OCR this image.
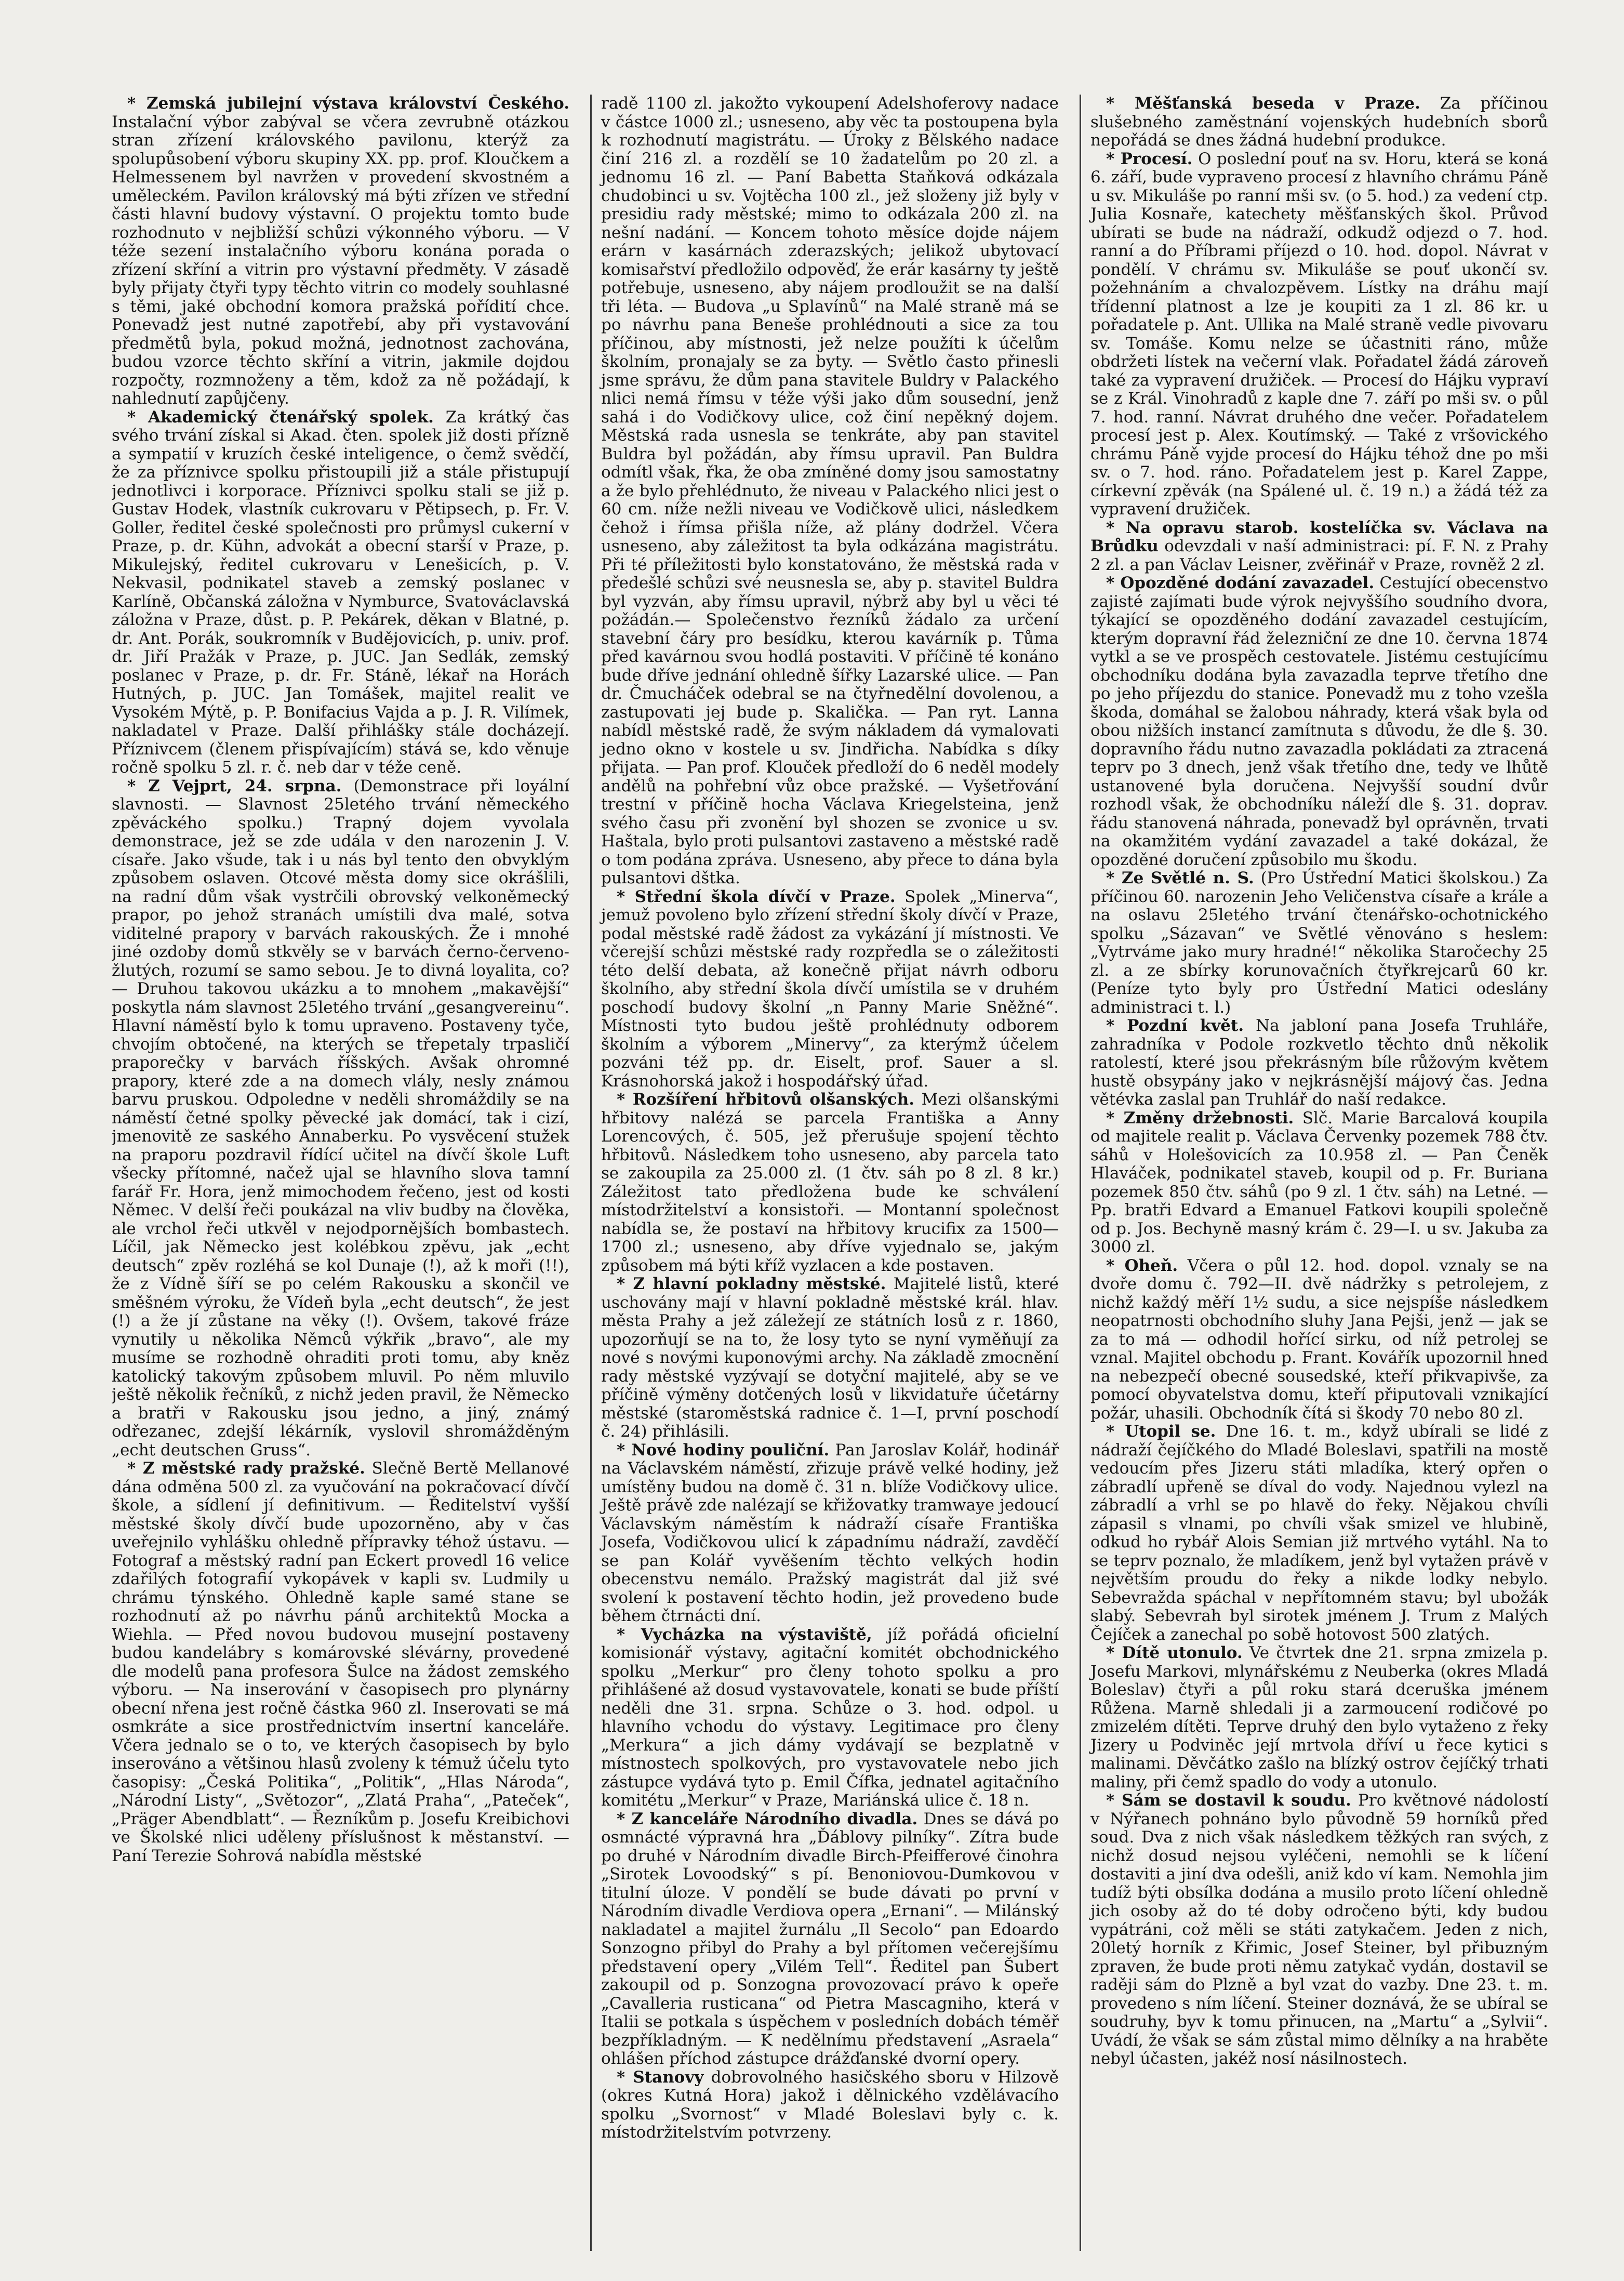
* Zemská jubilejní výstava království Českého. Instalační výbor zabýval se včera zevrubně otázkou stran zřízení královského pavilonu, kterýž za spolupůsobení výboru skupiny XX. pp. prof. Kloučkem a Helmessenem byl navržen v provedení skvostném a uměleckém. Pavilon královský má býti zřízen ve střední části hlavní budovy výstavní. O projektu tomto bude rozhodnuto v nejbližší schůzi výkonného výboru. — V téže sezení instalačního výboru konána porada o zřízení skříní a vitrin pro výstavní předměty. V zásadě byly přijaty čtyři typy těchto vitrin co modely souhlasné s těmi, jaké obchodní komora pražská pořídití chce. Ponevadž jest nutné zapotřebí, aby při vystavování předmětů byla, pokud možná, jednotnost zachována, budou vzorce těchto skříní a vitrin, jakmile dojdou rozpočty, rozmnoženy a těm, kdož za ně požádají, k nahlednutí zapůjčeny.

* Akademický čtenářský spolek. Za krátký čas svého trvání získal si Akad. čten. spolek již dosti přízně a sympatií v kruzích české inteligence, o čemž svědčí, že za příznivce spolku přistoupili již a stále přistupují jednotlivci i korporace. Příznivci spolku stali se již p. Gustav Hodek, vlastník cukrovaru v Pětipsech, p. Fr. V. Goller, ředitel české společnosti pro průmysl cukerní v Praze, p. dr. Kühn, advokát a obecní starší v Praze, p. Mikulejský, ředitel cukrovaru v Lenešicích, p. V. Nekvasil, podnikatel staveb a zemský poslanec v Karlíně, Občanská záložna v Nymburce, Svatováclavská záložna v Praze, důst. p. P. Pekárek, děkan v Blatné, p. dr. Ant. Porák, soukromník v Budějovicích, p. univ. prof. dr. Jiří Pražák v Praze, p. JUC. Jan Sedlák, zemský poslanec v Praze, p. dr. Fr. Stáně, lékař na Horách Hutných, p. JUC. Jan Tomášek, majitel realit ve Vysokém Mýtě, p. P. Bonifacius Vajda a p. J. R. Vilímek, nakladatel v Praze. Další přihlášky stále docházejí. Příznivcem (členem přispívajícím) stává se, kdo věnuje ročně spolku 5 zl. r. č. neb dar v téže ceně.

* Z Vejprt, 24. srpna. (Demonstrace při loyální slavnosti. — Slavnost 25letého trvání německého zpěváckého spolku.) Trapný dojem vyvolala demonstrace, jež se zde udála v den narozenin J. V. císaře. Jako všude, tak i u nás byl tento den obvyklým způsobem oslaven. Otcové města domy sice okrášlili, na radní dům však vystrčili obrovský velkoněmecký prapor, po jehož stranách umístili dva malé, sotva viditelné prapory v barvách rakouských. Že i mnohé jiné ozdoby domů stkvěly se v barvách černo-červeno-žlutých, rozumí se samo sebou. Je to divná loyalita, co? — Druhou takovou ukázku a to mnohem „makavější“ poskytla nám slavnost 25letého trvání „gesangvereinu“. Hlavní náměstí bylo k tomu upraveno. Postaveny tyče, chvojím obtočené, na kterých se třepetaly trpasličí praporečky v barvách říšských. Avšak ohromné prapory, které zde a na domech vlály, nesly známou barvu pruskou. Odpoledne v neděli shromáždily se na náměstí četné spolky pěvecké jak domácí, tak i cizí, jmenovitě ze saského Annaberku. Po vysvěcení stužek na praporu pozdravil řídící učitel na dívčí škole Luft všecky přítomné, načež ujal se hlavního slova tamní farář Fr. Hora, jenž mimochodem řečeno, jest od kosti Němec. V delší řeči poukázal na vliv budby na člověka, ale vrchol řeči utkvěl v nejodpornějších bombastech. Líčil, jak Německo jest kolébkou zpěvu, jak „echt deutsch“ zpěv rozléhá se kol Dunaje (!), až k moři (!!), že z Vídně šíří se po celém Rakousku a skončil ve směšném výroku, že Vídeň byla „echt deutsch“, že jest (!) a že jí zůstane na věky (!). Ovšem, takové fráze vynutily u několika Němců výkřik „bravo“, ale my musíme se rozhodně ohraditi proti tomu, aby kněz katolický takovým způsobem mluvil. Po něm mluvilo ještě několik řečníků, z nichž jeden pravil, že Německo a bratři v Rakousku jsou jedno, a jiný, známý odřezanec, zdejší lékárník, vyslovil shromážděným „echt deutschen Gruss“.

* Z městské rady pražské. Slečně Bertě Mellanové dána odměna 500 zl. za vyučování na pokračovací dívčí škole, a sídlení jí definitivum. — Ředitelství vyšší městské školy dívčí bude upozorněno, aby v čas uveřejnilo vyhlášku ohledně přípravky téhož ústavu. — Fotograf a městský radní pan Eckert provedl 16 velice zdařilých fotografií vykopávek v kapli sv. Ludmily u chrámu týnského. Ohledně kaple samé stane se rozhodnutí až po návrhu pánů architektů Mocka a Wiehla. — Před novou budovou musejní postaveny budou kandelábry s komárovské slévárny, provedené dle modelů pana profesora Šulce na žádost zemského výboru. — Na inserování v časopisech pro plynárny obecní nřena jest ročně částka 960 zl. Inserovati se má osmkráte a sice prostřednictvím insertní kanceláře. Včera jednalo se o to, ve kterých časopisech by bylo inserováno a většinou hlasů zvoleny k témuž účelu tyto časopisy: „Česká Politika“, „Politik“, „Hlas Národa“, „Národní Listy“, „Světozor“, „Zlatá Praha“, „Pateček“, „Präger Abendblatt“. — Řezníkům p. Josefu Kreibichovi ve Školské nlici uděleny příslušnost k městanství. — Paní Terezie Sohrová nabídla městské

radě 1100 zl. jakožto vykoupení Adelshoferovy nadace v částce 1000 zl.; usneseno, aby věc ta postoupena byla k rozhodnutí magistrátu. — Úroky z Bělského nadace činí 216 zl. a rozdělí se 10 žadatelům po 20 zl. a jednomu 16 zl. — Paní Babetta Staňková odkázala chudobinci u sv. Vojtěcha 100 zl., jež složeny již byly v presidiu rady městské; mimo to odkázala 200 zl. na nešní nadání. — Koncem tohoto měsíce dojde nájem erárn v kasárnách zderazských; jelikož ubytovací komisařství předložilo odpověď, že erár kasárny ty ještě potřebuje, usneseno, aby nájem prodloužit se na další tři léta. — Budova „u Splavínů“ na Malé straně má se po návrhu pana Beneše prohlédnouti a sice za tou příčinou, aby místnosti, jež nelze použíti k účelům školním, pronajaly se za byty. — Světlo často přinesli jsme správu, že dům pana stavitele Buldry v Palackého nlici nemá římsu v téže výši jako dům sousední, jenž sahá i do Vodičkovy ulice, což činí nepěkný dojem. Městská rada usnesla se tenkráte, aby pan stavitel Buldra byl požádán, aby římsu upravil. Pan Buldra odmítl však, řka, že oba zmíněné domy jsou samostatny a že bylo přehlédnuto, že niveau v Palackého nlici jest o 60 cm. níže nežli niveau ve Vodičkově ulici, následkem čehož i římsa přišla níže, až plány dodržel. Včera usneseno, aby záležitost ta byla odkázána magistrátu. Při té příležitosti bylo konstatováno, že městská rada v předešlé schůzi své neusnesla se, aby p. stavitel Buldra byl vyzván, aby římsu upravil, nýbrž aby byl u věci té požádán.— Společenstvo řezníků žádalo za určení stavební čáry pro besídku, kterou kavárník p. Tůma před kavárnou svou hodlá postaviti. V příčině té konáno bude dříve jednání ohledně šířky Lazarské ulice. — Pan dr. Čmucháček odebral se na čtyřnedělní dovolenou, a zastupovati jej bude p. Skalička. — Pan ryt. Lanna nabídl městské radě, že svým nákladem dá vymalovati jedno okno v kostele u sv. Jindřicha. Nabídka s díky přijata. — Pan prof. Klouček předloží do 6 neděl modely andělů na pohřební vůz obce pražské. — Vyšetřování trestní v příčině hocha Václava Kriegelsteina, jenž svého času při zvonění byl shozen se zvonice u sv. Haštala, bylo proti pulsantovi zastaveno a městské radě o tom podána zpráva. Usneseno, aby přece to dána byla pulsantovi dštka.

* Střední škola dívčí v Praze. Spolek „Minerva“, jemuž povoleno bylo zřízení střední školy dívčí v Praze, podal městské radě žádost za vykázání jí místnosti. Ve včerejší schůzi městské rady rozpředla se o záležitosti této delší debata, až konečně přijat návrh odboru školního, aby střední škola dívčí umístila se v druhém poschodí budovy školní „n Panny Marie Sněžné“. Místnosti tyto budou ještě prohlédnuty odborem školním a výborem „Minervy“, za kterýmž účelem pozváni též pp. dr. Eiselt, prof. Sauer a sl. Krásnohorská jakož i hospodářský úřad.

* Rozšíření hřbitovů olšanských. Mezi olšanskými hřbitovy nalézá se parcela Františka a Anny Lorencových, č. 505, jež přerušuje spojení těchto hřbitovů. Následkem toho usneseno, aby parcela tato se zakoupila za 25.000 zl. (1 čtv. sáh po 8 zl. 8 kr.) Záležitost tato předložena bude ke schválení místodržitelství a konsistoři. — Montanní společnost nabídla se, že postaví na hřbitovy krucifix za 1500—1700 zl.; usneseno, aby dříve vyjednalo se, jakým způsobem má býti kříž vyzlacen a kde postaven.

* Z hlavní pokladny městské. Majitelé listů, které uschovány mají v hlavní pokladně městské král. hlav. města Prahy a jež záležejí ze státních losů z r. 1860, upozorňují se na to, že losy tyto se nyní vyměňují za nové s novými kuponovými archy. Na základě zmocnění rady městské vyzývají se dotyční majitelé, aby se ve příčině výměny dotčených losů v likvidatuře účetárny městské (staroměstská radnice č. 1—I, první poschodí č. 24) přihlásili.

* Nové hodiny pouliční. Pan Jaroslav Kolář, hodinář na Václavském náměstí, zřizuje právě velké hodiny, jež umístěny budou na domě č. 31 n. blíže Vodičkovy ulice. Ještě právě zde nalézají se křižovatky tramwaye jedoucí Václavským náměstím k nádraží císaře Františka Josefa, Vodičkovou ulicí k západnímu nádraží, zavděčí se pan Kolář vyvěšením těchto velkých hodin obecenstvu nemálo. Pražský magistrát dal již své svolení k postavení těchto hodin, jež provedeno bude během čtrnácti dní.

* Vycházka na výstaviště, jíž pořádá oficielní komisionář výstavy, agitační komitét obchodnického spolku „Merkur“ pro členy tohoto spolku a pro přihlášené až dosud vystavovatele, konati se bude příští neděli dne 31. srpna. Schůze o 3. hod. odpol. u hlavního vchodu do výstavy. Legitimace pro členy „Merkura“ a jich dámy vydávají se bezplatně v místnostech spolkových, pro vystavovatele nebo jich zástupce vydává tyto p. Emil Čífka, jednatel agitačního komitétu „Merkur“ v Praze, Mariánská ulice č. 18 n.

* Z kanceláře Národního divadla. Dnes se dává po osmnácté výpravná hra „Ďáblovy pilníky“. Zítra bude po druhé v Národním divadle Birch-Pfeifferové činohra „Sirotek Lovoodský“ s pí. Benoniovou-Dumkovou v titulní úloze. V pondělí se bude dávati po první v Národním divadle Verdiova opera „Ernani“. — Milánský nakladatel a majitel žurnálu „Il Secolo“ pan Edoardo Sonzogno přibyl do Prahy a byl přítomen večerejšímu představení opery „Vilém Tell“. Ředitel pan Šubert zakoupil od p. Sonzogna provozovací právo k opeře „Cavalleria rusticana“ od Pietra Mascagniho, která v Italii se potkala s úspěchem v posledních dobách téměř bezpříkladným. — K nedělnímu představení „Asraela“ ohlášen příchod zástupce drážďanské dvorní opery.

* Stanovy dobrovolného hasičského sboru v Hilzově (okres Kutná Hora) jakož i dělnického vzdělávacího spolku „Svornost“ v Mladé Boleslavi byly c. k. místodržitelstvím potvrzeny.

* Měšťanská beseda v Praze. Za příčinou slušebného zaměstnání vojenských hudebních sborů nepořádá se dnes žádná hudební produkce.

* Procesí. O poslední pouť na sv. Horu, která se koná 6. září, bude vypraveno procesí z hlavního chrámu Páně u sv. Mikuláše po ranní mši sv. (o 5. hod.) za vedení ctp. Julia Kosnaře, katechety měšťanských škol. Průvod ubírati se bude na nádraží, odkudž odjezd o 7. hod. ranní a do Příbrami příjezd o 10. hod. dopol. Návrat v pondělí. V chrámu sv. Mikuláše se pouť ukončí sv. požehnáním a chvalozpěvem. Lístky na dráhu mají třídenní platnost a lze je koupiti za 1 zl. 86 kr. u pořadatele p. Ant. Ullika na Malé straně vedle pivovaru sv. Tomáše. Komu nelze se účastniti ráno, může obdržeti lístek na večerní vlak. Pořadatel žádá zároveň také za vypravení družiček. — Procesí do Hájku vypraví se z Král. Vinohradů z kaple dne 7. září po mši sv. o půl 7. hod. ranní. Návrat druhého dne večer. Pořadatelem procesí jest p. Alex. Koutímský. — Také z vršovického chrámu Páně vyjde procesí do Hájku téhož dne po mši sv. o 7. hod. ráno. Pořadatelem jest p. Karel Zappe, církevní zpěvák (na Spálené ul. č. 19 n.) a žádá též za vypravení družiček.

* Na opravu starob. kostelíčka sv. Václava na Brůdku odevzdali v naší administraci: pí. F. N. z Prahy 2 zl. a pan Václav Leisner, zvěřinář v Praze, rovněž 2 zl.

* Opozděné dodání zavazadel. Cestující obecenstvo zajisté zajímati bude výrok nejvyššího soudního dvora, týkající se opozděného dodání zavazadel cestujícím, kterým dopravní řád železniční ze dne 10. června 1874 vytkl a se ve prospěch cestovatele. Jistému cestujícímu obchodníku dodána byla zavazadla teprve třetího dne po jeho příjezdu do stanice. Ponevadž mu z toho vzešla škoda, domáhal se žalobou náhrady, která však byla od obou nižších instancí zamítnuta s důvodu, že dle §. 30. dopravního řádu nutno zavazadla pokládati za ztracená teprv po 3 dnech, jenž však třetího dne, tedy ve lhůtě ustanovené byla doručena. Nejvyšší soudní dvůr rozhodl však, že obchodníku náleží dle §. 31. doprav. řádu stanovená náhrada, ponevadž byl oprávněn, trvati na okamžitém vydání zavazadel a také dokázal, že opozděné doručení způsobilo mu škodu.

* Ze Světlé n. S. (Pro Ústřední Matici školskou.) Za příčinou 60. narozenin Jeho Veličenstva císaře a krále a na oslavu 25letého trvání čtenářsko-ochotnického spolku „Sázavan“ ve Světlé věnováno s heslem: „Vytrváme jako mury hradné!“ několika Staročechy 25 zl. a ze sbírky korunovačních čtyřkrejcarů 60 kr. (Peníze tyto byly pro Ústřední Matici odeslány administraci t. l.)

* Pozdní květ. Na jabloní pana Josefa Truhláře, zahradníka v Podole rozkvetlo těchto dnů několik ratolestí, které jsou překrásným bíle růžovým květem hustě obsypány jako v nejkrásnější májový čas. Jedna větévka zaslal pan Truhlář do naší redakce.

* Změny držebnosti. Slč. Marie Barcalová koupila od majitele realit p. Václava Červenky pozemek 788 čtv. sáhů v Holešovicích za 10.958 zl. — Pan Čeněk Hlaváček, podnikatel staveb, koupil od p. Fr. Buriana pozemek 850 čtv. sáhů (po 9 zl. 1 čtv. sáh) na Letné. — Pp. bratři Edvard a Emanuel Fatkovi koupili společně od p. Jos. Bechyně masný krám č. 29—I. u sv. Jakuba za 3000 zl.

* Oheň. Včera o půl 12. hod. dopol. vznaly se na dvoře domu č. 792—II. dvě nádržky s petrolejem, z nichž každý měří 1½ sudu, a sice nejspíše následkem neopatrnosti obchodního sluhy Jana Pejši, jenž — jak se za to má — odhodil hořící sirku, od níž petrolej se vznal. Majitel obchodu p. Frant. Kovářík upozornil hned na nebezpečí obecné sousedské, kteří přikvapivše, za pomocí obyvatelstva domu, kteří připutovali vznikající požár, uhasili. Obchodník čítá si škody 70 nebo 80 zl.

* Utopil se. Dne 16. t. m., když ubírali se lidé z nádraží čejíčkého do Mladé Boleslavi, spatřili na mostě vedoucím přes Jizeru státi mladíka, který opřen o zábradlí upřeně se díval do vody. Najednou vylezl na zábradlí a vrhl se po hlavě do řeky. Nějakou chvíli zápasil s vlnami, po chvíli však smizel ve hlubině, odkud ho rybář Alois Semian již mrtvého vytáhl. Na to se teprv poznalo, že mladíkem, jenž byl vytažen právě v největším proudu do řeky a nikde lodky nebylo. Sebevražda spáchal v nepřítomném stavu; byl ubožák slabý. Sebevrah byl sirotek jménem J. Trum z Malých Čejíček a zanechal po sobě hotovost 500 zlatých.

* Dítě utonulo. Ve čtvrtek dne 21. srpna zmizela p. Josefu Markovi, mlynářskému z Neuberka (okres Mladá Boleslav) čtyři a půl roku stará dceruška jménem Růžena. Marně shledali ji a zarmoucení rodičové po zmizelém dítěti. Teprve druhý den bylo vytaženo z řeky Jizery u Podviněc její mrtvola dříví u řece kytici s malinami. Děvčátko zašlo na blízký ostrov čejíčký trhati maliny, při čemž spadlo do vody a utonulo.

* Sám se dostavil k soudu. Pro květnové nádolostí v Nýřanech pohnáno bylo původně 59 horníků před soud. Dva z nich však následkem těžkých ran svých, z nichž dosud nejsou vyléčeni, nemohli se k líčení dostaviti a jiní dva odešli, aniž kdo ví kam. Nemohla jim tudíž býti obsílka dodána a musilo proto líčení ohledně jich osoby až do té doby odročeno býti, kdy budou vypátráni, což měli se státi zatykačem. Jeden z nich, 20letý horník z Křimic, Josef Steiner, byl přibuzným zpraven, že bude proti němu zatykač vydán, dostavil se raději sám do Plzně a byl vzat do vazby. Dne 23. t. m. provedeno s ním líčení. Steiner doznává, že se ubíral se soudruhy, byv k tomu přinucen, na „Martu“ a „Sylvii“. Uvádí, že však se sám zůstal mimo dělníky a na hraběte nebyl účasten, jakéž nosí násilnostech.
